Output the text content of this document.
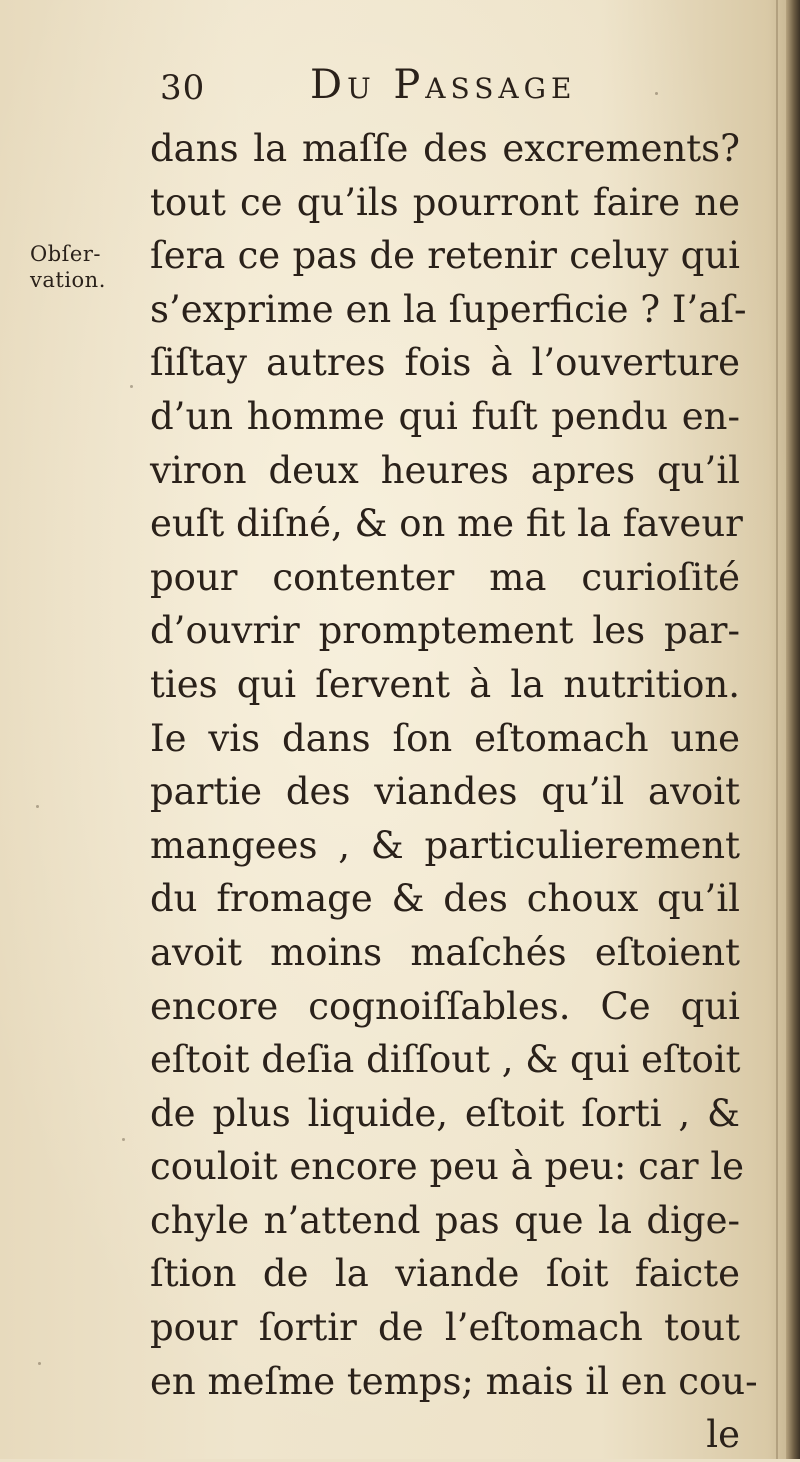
30	Du Passage
Obſer-
vation.
dans la maſſe des excrements?
tout ce qu’ils pourront faire ne
ſera ce pas de retenir celuy qui
s’exprime en la ſuperficie ? I’aſ-
ſiſtay autres fois à l’ouverture
d’un homme qui fuſt pendu en-
viron deux heures apres qu’il
euſt diſné, & on me fit la faveur
pour contenter ma curioſité
d’ouvrir promptement les par-
ties qui ſervent à la nutrition.
Ie vis dans ſon eſtomach une
partie des viandes qu’il avoit
mangees , & particulierement
du fromage & des choux qu’il
avoit moins maſchés eſtoient
encore cognoiſſables. Ce qui
eſtoit deſia diſſout , & qui eſtoit
de plus liquide, eſtoit ſorti , &
couloit encore peu à peu: car le
chyle n’attend pas que la dige-
ſtion de la viande ſoit faicte
pour ſortir de l’eſtomach tout
en meſme temps; mais il en cou-
le
